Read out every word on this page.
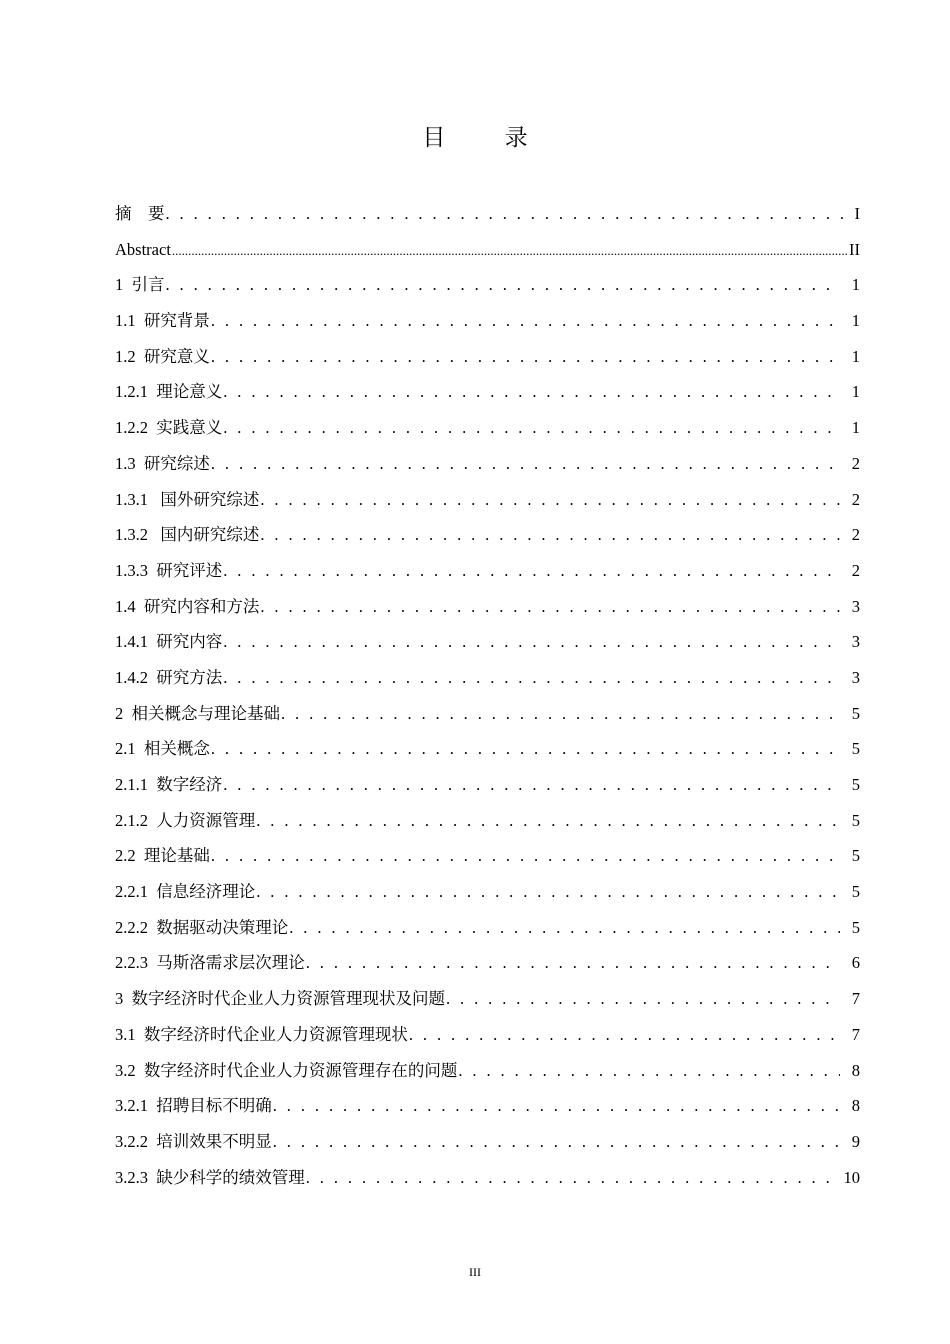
目 录
摘    要 . . .	I
Abstract .....	II
1  引言 . . .	1
1.1  研究背景 . . .	1
1.2  研究意义 . . .	1
1.2.1  理论意义 . . .	1
1.2.2  实践意义 . . .	1
1.3  研究综述 . . .	2
1.3.1   国外研究综述 . . .	2
1.3.2   国内研究综述 . . .	2
1.3.3  研究评述 . . .	2
1.4  研究内容和方法 . . .	3
1.4.1  研究内容 . . .	3
1.4.2  研究方法 . . .	3
2  相关概念与理论基础 . . .	5
2.1  相关概念 . . .	5
2.1.1  数字经济 . . .	5
2.1.2  人力资源管理 . . .	5
2.2  理论基础 . . .	5
2.2.1  信息经济理论 . . .	5
2.2.2  数据驱动决策理论 . . .	5
2.2.3  马斯洛需求层次理论 . . .	6
3  数字经济时代企业人力资源管理现状及问题 . . .	7
3.1  数字经济时代企业人力资源管理现状 . . .	7
3.2  数字经济时代企业人力资源管理存在的问题 . . .	8
3.2.1  招聘目标不明确 . . .	8
3.2.2  培训效果不明显 . . .	9
3.2.3  缺少科学的绩效管理 . . .	10
III
